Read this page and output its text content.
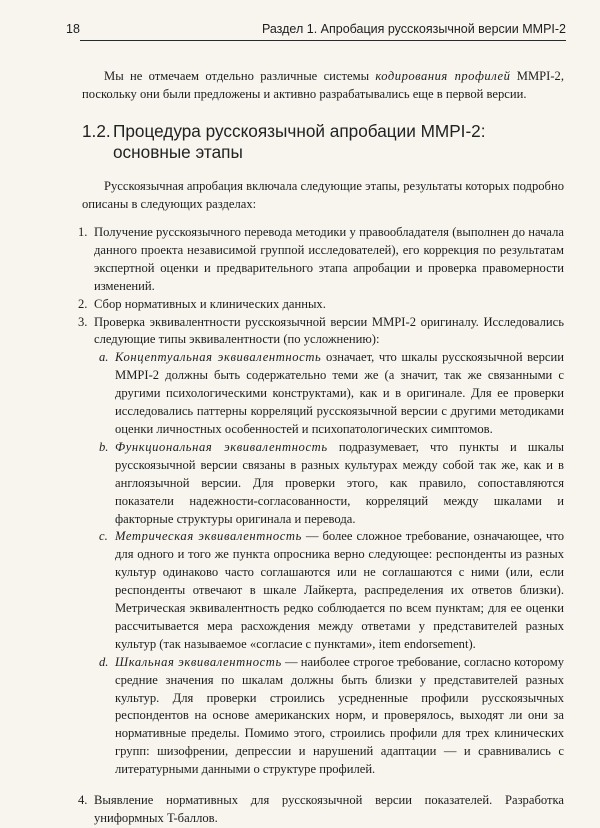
18	Раздел 1. Апробация русскоязычной версии MMPI-2
Мы не отмечаем отдельно различные системы кодирования профилей MMPI-2, поскольку они были предложены и активно разрабатывались еще в первой версии.
1.2. Процедура русскоязычной апробации MMPI-2:
основные этапы
Русскоязычная апробация включала следующие этапы, результаты которых подробно описаны в следующих разделах:
1. Получение русскоязычного перевода методики у правообладателя (выполнен до начала данного проекта независимой группой исследователей), его коррекция по результатам экспертной оценки и предварительного этапа апробации и проверка правомерности изменений.
2. Сбор нормативных и клинических данных.
3. Проверка эквивалентности русскоязычной версии MMPI-2 оригиналу. Исследовались следующие типы эквивалентности (по усложнению):
a. Концептуальная эквивалентность означает, что шкалы русскоязычной версии MMPI-2 должны быть содержательно теми же (а значит, так же связанными с другими психологическими конструктами), как и в оригинале. Для ее проверки исследовались паттерны корреляций русскоязычной версии с другими методиками оценки личностных особенностей и психопатологических симптомов.
b. Функциональная эквивалентность подразумевает, что пункты и шкалы русскоязычной версии связаны в разных культурах между собой так же, как и в англоязычной версии. Для проверки этого, как правило, сопоставляются показатели надежности-согласованности, корреляций между шкалами и факторные структуры оригинала и перевода.
c. Метрическая эквивалентность — более сложное требование, означающее, что для одного и того же пункта опросника верно следующее: респонденты из разных культур одинаково часто соглашаются или не соглашаются с ними (или, если респонденты отвечают в шкале Лайкерта, распределения их ответов близки). Метрическая эквивалентность редко соблюдается по всем пунктам; для ее оценки рассчитывается мера расхождения между ответами у представителей разных культур (так называемое «согласие с пунктами», item endorsement).
d. Шкальная эквивалентность — наиболее строгое требование, согласно которому средние значения по шкалам должны быть близки у представителей разных культур. Для проверки строились усредненные профили русскоязычных респондентов на основе американских норм, и проверялось, выходят ли они за нормативные пределы. Помимо этого, строились профили для трех клинических групп: шизофрении, депрессии и нарушений адаптации — и сравнивались с литературными данными о структуре профилей.
4. Выявление нормативных для русскоязычной версии показателей. Разработка униформных T-баллов.
